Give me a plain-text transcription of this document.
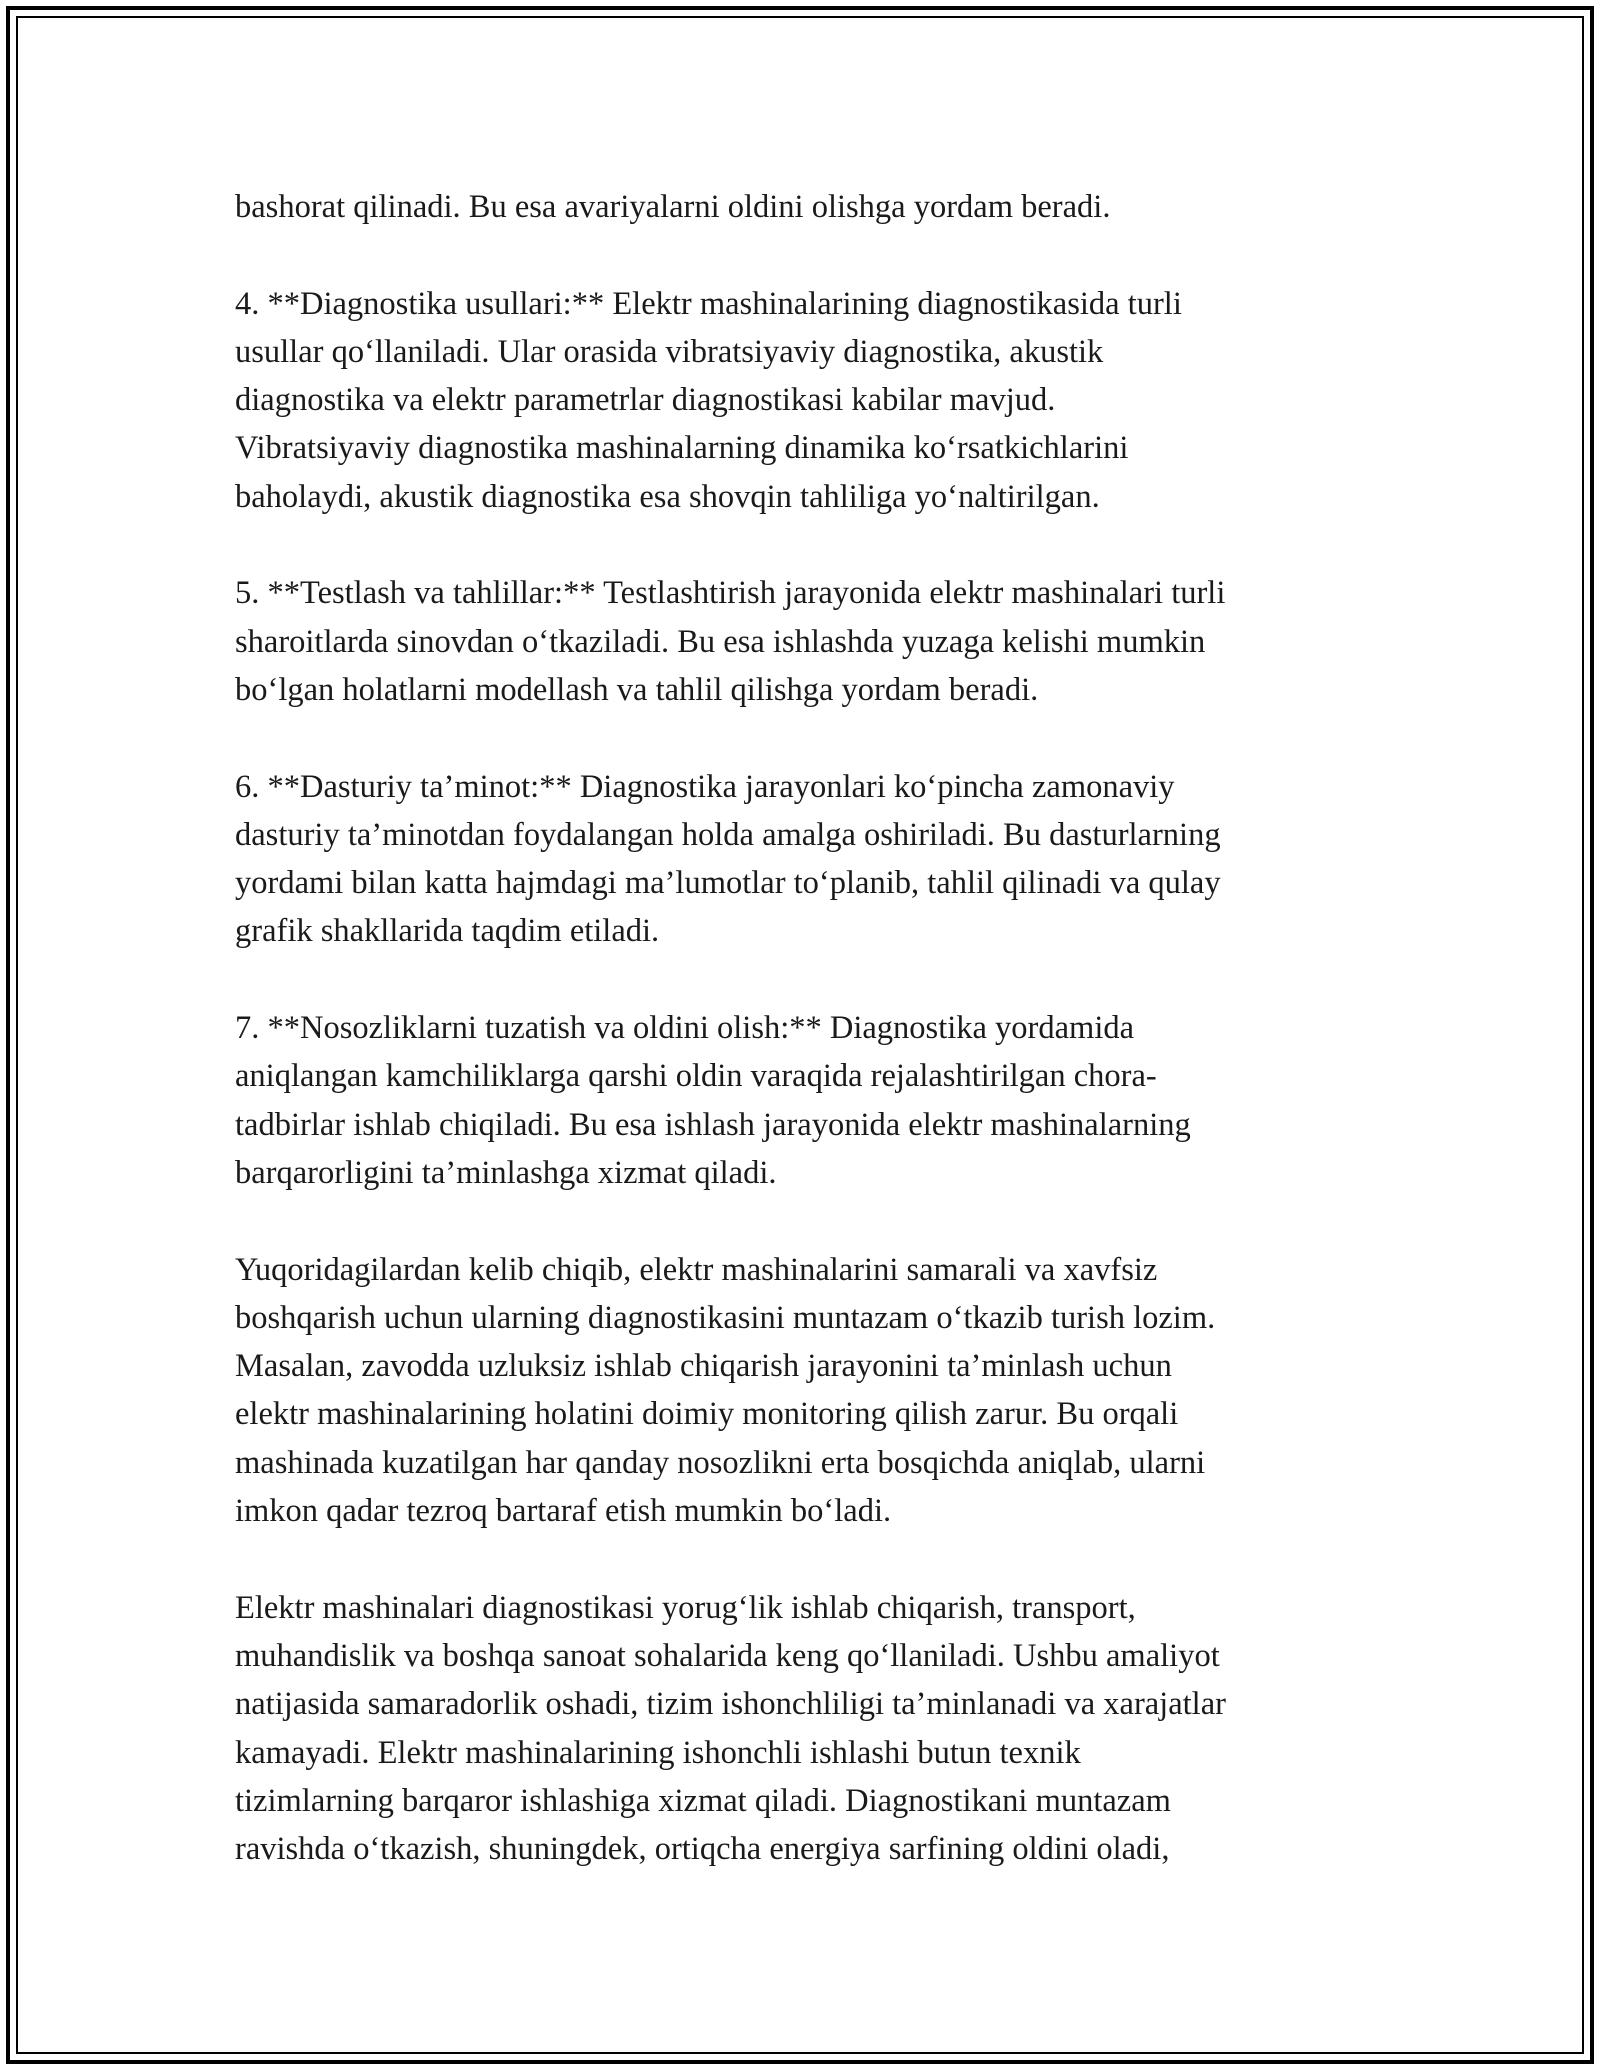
bashorat qilinadi. Bu esa avariyalarni oldini olishga yordam beradi.

4. **Diagnostika usullari:** Elektr mashinalarining diagnostikasida turli
usullar qo‘llaniladi. Ular orasida vibratsiyaviy diagnostika, akustik
diagnostika va elektr parametrlar diagnostikasi kabilar mavjud.
Vibratsiyaviy diagnostika mashinalarning dinamika ko‘rsatkichlarini
baholaydi, akustik diagnostika esa shovqin tahliliga yo‘naltirilgan.

5. **Testlash va tahlillar:** Testlashtirish jarayonida elektr mashinalari turli
sharoitlarda sinovdan o‘tkaziladi. Bu esa ishlashda yuzaga kelishi mumkin
bo‘lgan holatlarni modellash va tahlil qilishga yordam beradi.

6. **Dasturiy ta’minot:** Diagnostika jarayonlari ko‘pincha zamonaviy
dasturiy ta’minotdan foydalangan holda amalga oshiriladi. Bu dasturlarning
yordami bilan katta hajmdagi ma’lumotlar to‘planib, tahlil qilinadi va qulay
grafik shakllarida taqdim etiladi.

7. **Nosozliklarni tuzatish va oldini olish:** Diagnostika yordamida
aniqlangan kamchiliklarga qarshi oldin varaqida rejalashtirilgan chora-
tadbirlar ishlab chiqiladi. Bu esa ishlash jarayonida elektr mashinalarning
barqarorligini ta’minlashga xizmat qiladi.

Yuqoridagilardan kelib chiqib, elektr mashinalarini samarali va xavfsiz
boshqarish uchun ularning diagnostikasini muntazam o‘tkazib turish lozim.
Masalan, zavodda uzluksiz ishlab chiqarish jarayonini ta’minlash uchun
elektr mashinalarining holatini doimiy monitoring qilish zarur. Bu orqali
mashinada kuzatilgan har qanday nosozlikni erta bosqichda aniqlab, ularni
imkon qadar tezroq bartaraf etish mumkin bo‘ladi.

Elektr mashinalari diagnostikasi yorug‘lik ishlab chiqarish, transport,
muhandislik va boshqa sanoat sohalarida keng qo‘llaniladi. Ushbu amaliyot
natijasida samaradorlik oshadi, tizim ishonchliligi ta’minlanadi va xarajatlar
kamayadi. Elektr mashinalarining ishonchli ishlashi butun texnik
tizimlarning barqaror ishlashiga xizmat qiladi. Diagnostikani muntazam
ravishda o‘tkazish, shuningdek, ortiqcha energiya sarfining oldini oladi,
